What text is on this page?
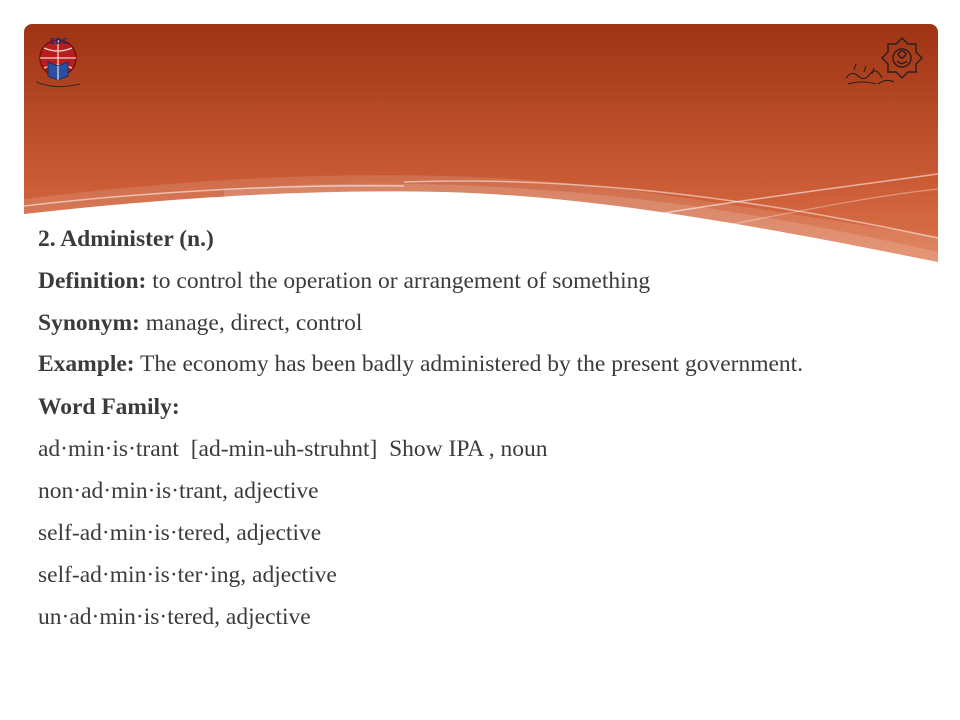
EDC

2. Administer (n.)

Definition: to control the operation or arrangement of something

Synonym: manage, direct, control

Example: The economy has been badly administered by the present government.

Word Family:

ad·min·is·trant  [ad-min-uh-struhnt]  Show IPA , noun

non·ad·min·is·trant, adjective

self-ad·min·is·tered, adjective

self-ad·min·is·ter·ing, adjective

un·ad·min·is·tered, adjective
